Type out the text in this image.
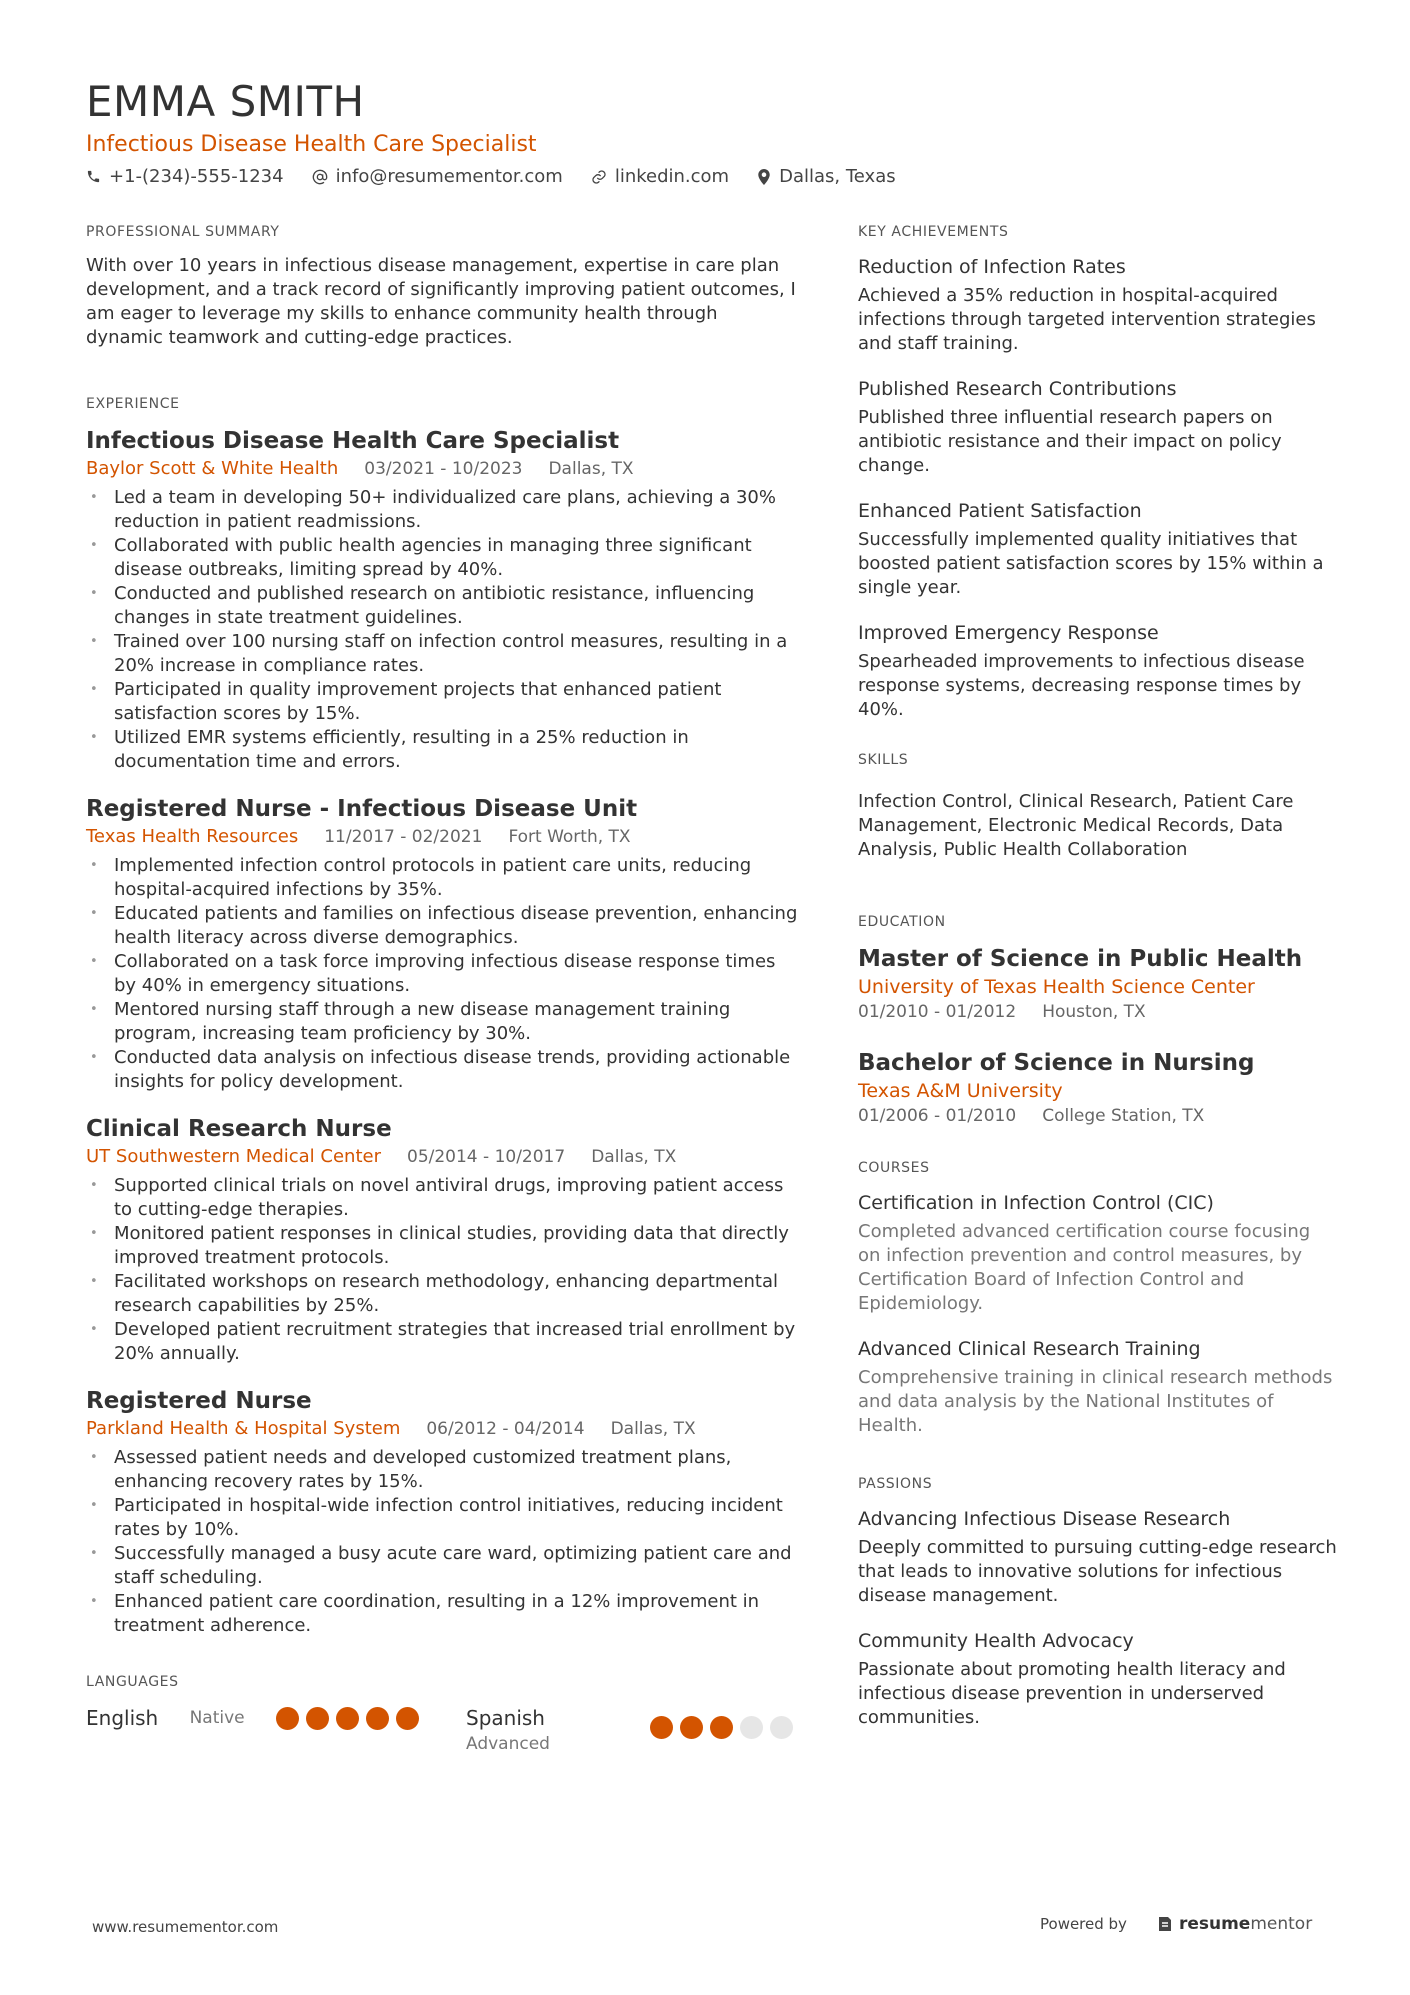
EMMA SMITH
Infectious Disease Health Care Specialist
+1-(234)-555-1234	info@resumementor.com	linkedin.com	Dallas, Texas
PROFESSIONAL SUMMARY

With over 10 years in infectious disease management, expertise in care plan development, and a track record of significantly improving patient outcomes, I am eager to leverage my skills to enhance community health through dynamic teamwork and cutting-edge practices.

EXPERIENCE
Infectious Disease Health Care Specialist
Baylor Scott & White Health 03/2021 - 10/2023 Dallas, TX
• Led a team in developing 50+ individualized care plans, achieving a 30% reduction in patient readmissions.
• Collaborated with public health agencies in managing three significant disease outbreaks, limiting spread by 40%.
• Conducted and published research on antibiotic resistance, influencing changes in state treatment guidelines.
• Trained over 100 nursing staff on infection control measures, resulting in a 20% increase in compliance rates.
• Participated in quality improvement projects that enhanced patient satisfaction scores by 15%.
• Utilized EMR systems efficiently, resulting in a 25% reduction in documentation time and errors.
Registered Nurse - Infectious Disease Unit
Texas Health Resources 11/2017 - 02/2021 Fort Worth, TX
• Implemented infection control protocols in patient care units, reducing hospital-acquired infections by 35%.
• Educated patients and families on infectious disease prevention, enhancing health literacy across diverse demographics.
• Collaborated on a task force improving infectious disease response times by 40% in emergency situations.
• Mentored nursing staff through a new disease management training program, increasing team proficiency by 30%.
• Conducted data analysis on infectious disease trends, providing actionable insights for policy development.
Clinical Research Nurse
UT Southwestern Medical Center 05/2014 - 10/2017 Dallas, TX
• Supported clinical trials on novel antiviral drugs, improving patient access to cutting-edge therapies.
• Monitored patient responses in clinical studies, providing data that directly improved treatment protocols.
• Facilitated workshops on research methodology, enhancing departmental research capabilities by 25%.
• Developed patient recruitment strategies that increased trial enrollment by 20% annually.
Registered Nurse
Parkland Health & Hospital System 06/2012 - 04/2014 Dallas, TX
• Assessed patient needs and developed customized treatment plans, enhancing recovery rates by 15%.
• Participated in hospital-wide infection control initiatives, reducing incident rates by 10%.
• Successfully managed a busy acute care ward, optimizing patient care and staff scheduling.
• Enhanced patient care coordination, resulting in a 12% improvement in treatment adherence.
LANGUAGES
English Native	Spanish
Advanced
KEY ACHIEVEMENTS
Reduction of Infection Rates

Achieved a 35% reduction in hospital-acquired infections through targeted intervention strategies and staff training.

Published Research Contributions

Published three influential research papers on antibiotic resistance and their impact on policy change.

Enhanced Patient Satisfaction

Successfully implemented quality initiatives that boosted patient satisfaction scores by 15% within a single year.

Improved Emergency Response

Spearheaded improvements to infectious disease response systems, decreasing response times by 40%.

SKILLS

Infection Control, Clinical Research, Patient Care Management, Electronic Medical Records, Data Analysis, Public Health Collaboration

EDUCATION
Master of Science in Public Health
University of Texas Health Science Center
01/2010 - 01/2012 Houston, TX
Bachelor of Science in Nursing
Texas A&M University
01/2006 - 01/2010 College Station, TX
COURSES
Certification in Infection Control (CIC)

Completed advanced certification course focusing on infection prevention and control measures, by Certification Board of Infection Control and Epidemiology.

Advanced Clinical Research Training

Comprehensive training in clinical research methods and data analysis by the National Institutes of Health.

PASSIONS
Advancing Infectious Disease Research

Deeply committed to pursuing cutting-edge research that leads to innovative solutions for infectious disease management.

Community Health Advocacy

Passionate about promoting health literacy and infectious disease prevention in underserved communities.

www.resumementor.com	Powered by	resume mentor
